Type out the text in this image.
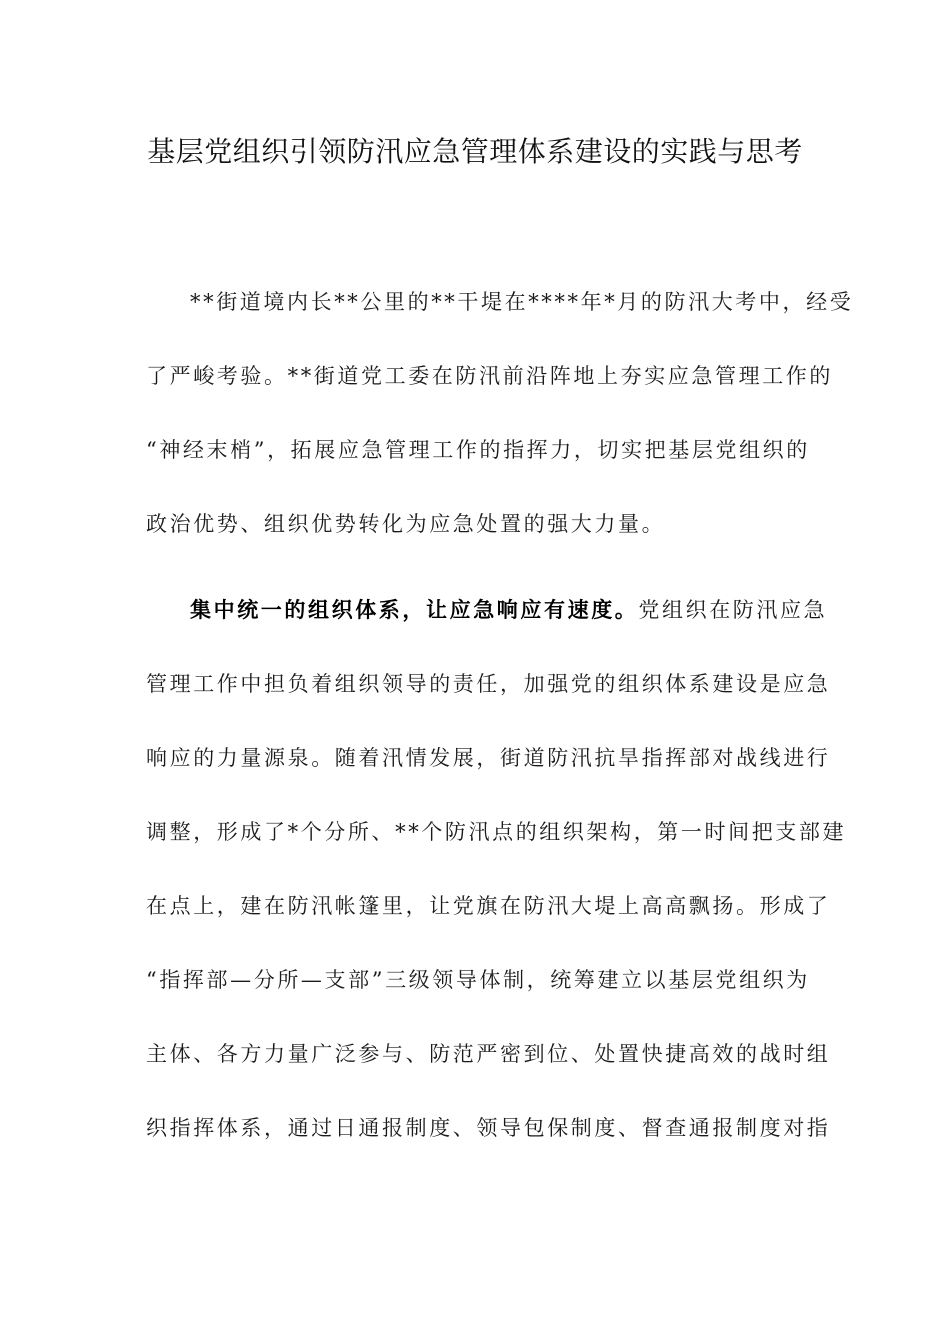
基层党组织引领防汛应急管理体系建设的实践与思考
**街道境内长**公里的**干堤在****年*月的防汛大考中，经受
了严峻考验。**街道党工委在防汛前沿阵地上夯实应急管理工作的
“神经末梢”，拓展应急管理工作的指挥力，切实把基层党组织的
政治优势、组织优势转化为应急处置的强大力量。
集中统一的组织体系，让应急响应有速度。党组织在防汛应急
管理工作中担负着组织领导的责任，加强党的组织体系建设是应急
响应的力量源泉。随着汛情发展，街道防汛抗旱指挥部对战线进行
调整，形成了*个分所、**个防汛点的组织架构，第一时间把支部建
在点上，建在防汛帐篷里，让党旗在防汛大堤上高高飘扬。形成了
“指挥部—分所—支部”三级领导体制，统筹建立以基层党组织为
主体、各方力量广泛参与、防范严密到位、处置快捷高效的战时组
织指挥体系，通过日通报制度、领导包保制度、督查通报制度对指
